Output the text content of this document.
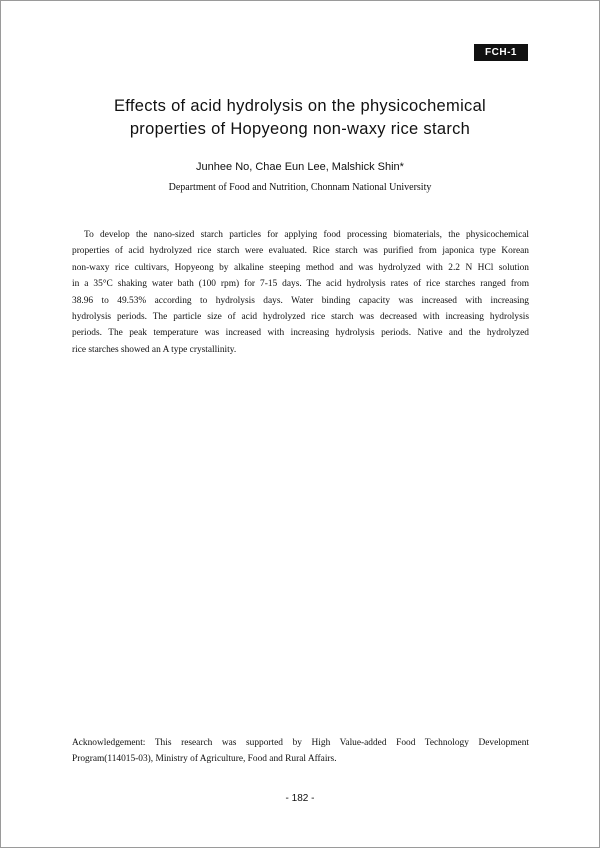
FCH-1
Effects of acid hydrolysis on the physicochemical
properties of Hopyeong non-waxy rice starch
Junhee No, Chae Eun Lee, Malshick Shin*
Department of Food and Nutrition, Chonnam National University
To develop the nano-sized starch particles for applying food processing biomaterials, the physicochemical
properties of acid hydrolyzed rice starch were evaluated. Rice starch was purified from japonica type Korean
non-waxy rice cultivars, Hopyeong by alkaline steeping method and was hydrolyzed with 2.2 N HCl solution
in a 35°C shaking water bath (100 rpm) for 7-15 days. The acid hydrolysis rates of rice starches ranged from
38.96 to 49.53% according to hydrolysis days. Water binding capacity was increased with increasing
hydrolysis periods. The particle size of acid hydrolyzed rice starch was decreased with increasing hydrolysis
periods. The peak temperature was increased with increasing hydrolysis periods. Native and the hydrolyzed
rice starches showed an A type crystallinity.
Acknowledgement: This research was supported by High Value-added Food Technology Development
Program(114015-03), Ministry of Agriculture, Food and Rural Affairs.
- 182 -
